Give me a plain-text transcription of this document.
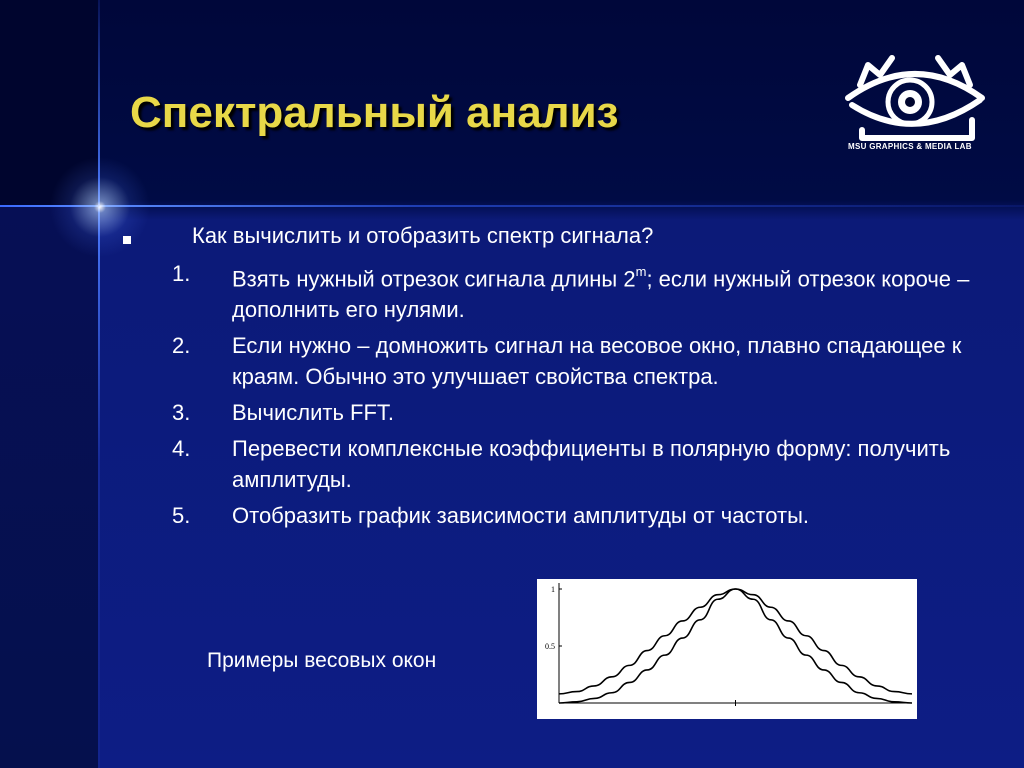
Спектральный анализ
MSU GRAPHICS & MEDIA LAB
Как вычислить и отобразить спектр сигнала?
1.	Взять нужный отрезок сигнала длины 2$^m$; если нужный отрезок короче – дополнить его нулями.
2.	Если нужно – домножить сигнал на весовое окно, плавно спадающее к краям. Обычно это улучшает свойства спектра.
3.	Вычислить FFT.
4.	Перевести комплексные коэффициенты в полярную форму: получить амплитуды.
5.	Отобразить график зависимости амплитуды от частоты.
Примеры весовых окон
1
0.5
